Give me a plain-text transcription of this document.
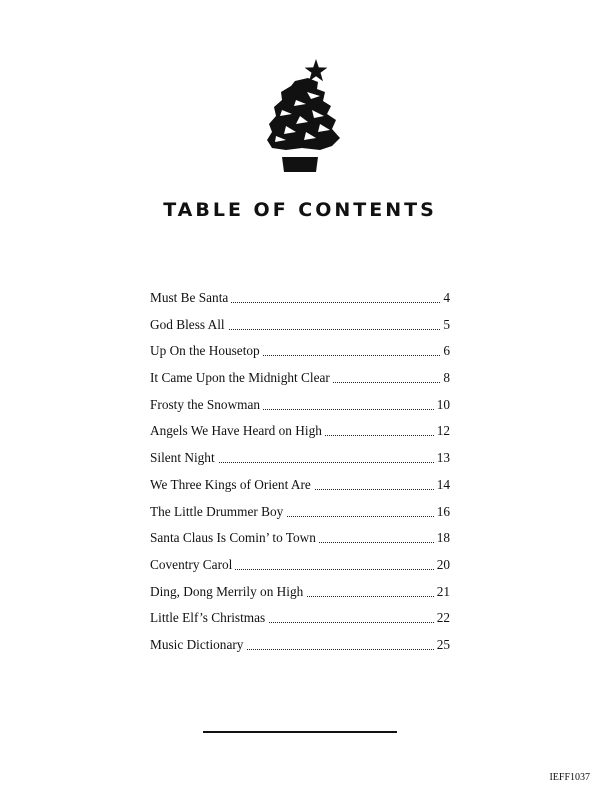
TABLE OF CONTENTS
Must Be Santa	4
God Bless All	5
Up On the Housetop	6
It Came Upon the Midnight Clear	8
Frosty the Snowman	10
Angels We Have Heard on High	12
Silent Night	13
We Three Kings of Orient Are	14
The Little Drummer Boy	16
Santa Claus Is Comin’ to Town	18
Coventry Carol	20
Ding, Dong Merrily on High	21
Little Elf’s Christmas	22
Music Dictionary	25
IEFF1037
